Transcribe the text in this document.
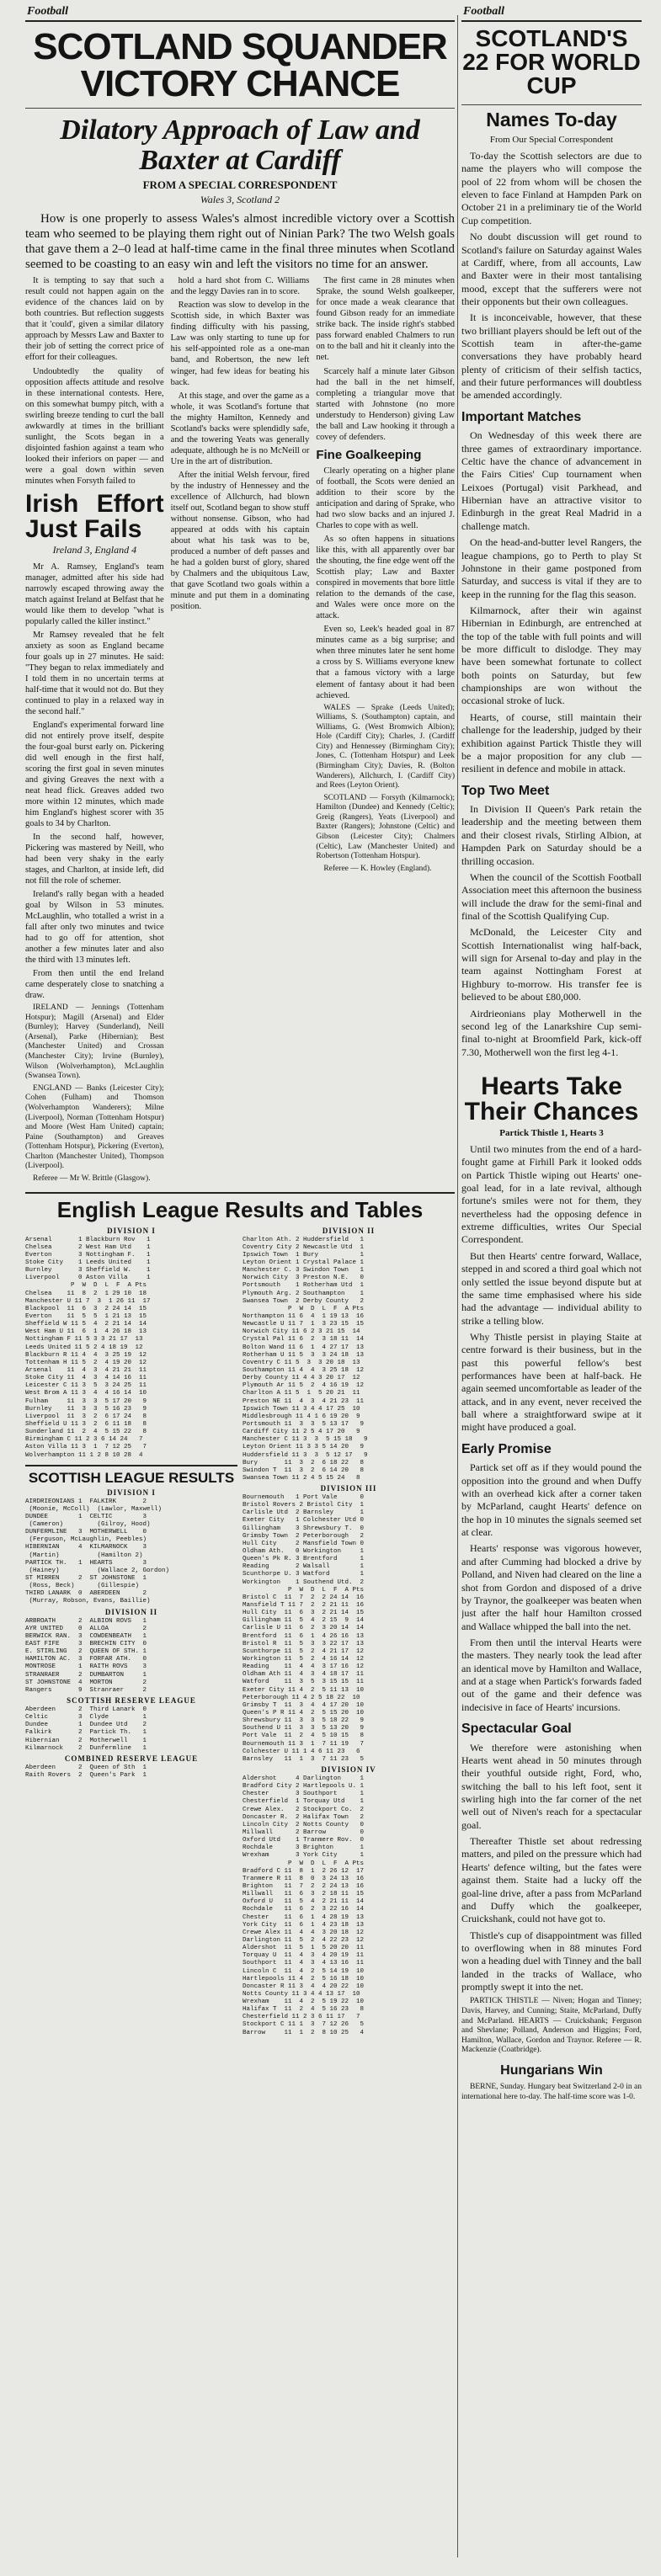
Football
SCOTLAND SQUANDER VICTORY CHANCE
Dilatory Approach of Law and Baxter at Cardiff
FROM A SPECIAL CORRESPONDENT
Wales 3, Scotland 2

How is one properly to assess Wales's almost incredible victory over a Scottish team who seemed to be playing them right out of Ninian Park? The two Welsh goals that gave them a 2–0 lead at half-time came in the final three minutes when Scotland seemed to be coasting to an easy win and left the visitors no time for an answer.

It is tempting to say that such a result could not happen again on the evidence of the chances laid on by both countries. But reflection suggests that it 'could', given a similar dilatory approach by Messrs Law and Baxter to their job of setting the correct price of effort for their colleagues.

Undoubtedly the quality of opposition affects attitude and resolve in these international contests. Here, on this somewhat bumpy pitch, with a swirling breeze tending to curl the ball awkwardly at times in the brilliant sunlight, the Scots began in a disjointed fashion against a team who looked their inferiors on paper — and were a goal down within seven minutes when Forsyth failed to

Irish Effort Just Fails
Ireland 3, England 4

Mr A. Ramsey, England's team manager, admitted after his side had narrowly escaped throwing away the match against Ireland at Belfast that he would like them to develop "what is popularly called the killer instinct."

Mr Ramsey revealed that he felt anxiety as soon as England became four goals up in 27 minutes. He said: "They began to relax immediately and I told them in no uncertain terms at half-time that it would not do. But they continued to play in a relaxed way in the second half."

England's experimental forward line did not entirely prove itself, despite the four-goal burst early on. Pickering did well enough in the first half, scoring the first goal in seven minutes and giving Greaves the next with a neat head flick. Greaves added two more within 12 minutes, which made him England's highest scorer with 35 goals to 34 by Charlton.

In the second half, however, Pickering was mastered by Neill, who had been very shaky in the early stages, and Charlton, at inside left, did not fill the role of schemer.

Ireland's rally began with a headed goal by Wilson in 53 minutes. McLaughlin, who totalled a wrist in a fall after only two minutes and twice had to go off for attention, shot another a few minutes later and also the third with 13 minutes left.

From then until the end Ireland came desperately close to snatching a draw.

IRELAND — Jennings (Tottenham Hotspur); Magill (Arsenal) and Elder (Burnley); Harvey (Sunderland), Neill (Arsenal), Parke (Hibernian); Best (Manchester United) and Crossan (Manchester City); Irvine (Burnley), Wilson (Wolverhampton), McLaughlin (Swansea Town).

ENGLAND — Banks (Leicester City); Cohen (Fulham) and Thomson (Wolverhampton Wanderers); Milne (Liverpool), Norman (Tottenham Hotspur) and Moore (West Ham United) captain; Paine (Southampton) and Greaves (Tottenham Hotspur), Pickering (Everton), Charlton (Manchester United), Thompson (Liverpool).

Referee — Mr W. Brittle (Glasgow).

hold a hard shot from C. Williams and the leggy Davies ran in to score.

Reaction was slow to develop in the Scottish side, in which Baxter was finding difficulty with his passing, Law was only starting to tune up for his self-appointed role as a one-man band, and Robertson, the new left winger, had few ideas for beating his back.

At this stage, and over the game as a whole, it was Scotland's fortune that the mighty Hamilton, Kennedy and Scotland's backs were splendidly safe, and the towering Yeats was generally adequate, although he is no McNeill or Ure in the art of distribution.

After the initial Welsh fervour, fired by the industry of Hennessey and the excellence of Allchurch, had blown itself out, Scotland began to show stuff without nonsense. Gibson, who had appeared at odds with his captain about what his task was to be, produced a number of deft passes and he had a golden burst of glory, shared by Chalmers and the ubiquitous Law, that gave Scotland two goals within a minute and put them in a dominating position.

The first came in 28 minutes when Sprake, the sound Welsh goalkeeper, for once made a weak clearance that found Gibson ready for an immediate strike back. The inside right's stabbed pass forward enabled Chalmers to run on to the ball and hit it cleanly into the net.

Scarcely half a minute later Gibson had the ball in the net himself, completing a triangular move that started with Johnstone (no more understudy to Henderson) giving Law the ball and Law hooking it through a covey of defenders.

Fine Goalkeeping

Clearly operating on a higher plane of football, the Scots were denied an addition to their score by the anticipation and daring of Sprake, who had two slow backs and an injured J. Charles to cope with as well.

As so often happens in situations like this, with all apparently over bar the shouting, the fine edge went off the Scottish play; Law and Baxter conspired in movements that bore little relation to the demands of the case, and Wales were once more on the attack.

Even so, Leek's headed goal in 87 minutes came as a big surprise; and when three minutes later he sent home a cross by S. Williams everyone knew that a famous victory with a large element of fantasy about it had been achieved.

WALES — Sprake (Leeds United); Williams, S. (Southampton) captain, and Williams, G. (West Bromwich Albion); Hole (Cardiff City); Charles, J. (Cardiff City) and Hennessey (Birmingham City); Jones, C. (Tottenham Hotspur) and Leek (Birmingham City); Davies, R. (Bolton Wanderers), Allchurch, I. (Cardiff City) and Rees (Leyton Orient).

SCOTLAND — Forsyth (Kilmarnock); Hamilton (Dundee) and Kennedy (Celtic); Greig (Rangers), Yeats (Liverpool) and Baxter (Rangers); Johnstone (Celtic) and Gibson (Leicester City); Chalmers (Celtic), Law (Manchester United) and Robertson (Tottenham Hotspur).

Referee — K. Howley (England).

English League Results and Tables
DIVISION I
Arsenal       1 Blackburn Rov   1
Chelsea       2 West Ham Utd    1
Everton       3 Nottingham F.   1
Stoke City    1 Leeds United    1
Burnley       3 Sheffield W.    1
Liverpool     0 Aston Villa     1
P  W  D  L  F  A Pts
Chelsea    11  8  2  1 29 10  18
Manchester U 11 7  3  1 26 11  17
Blackpool  11  6  3  2 24 14  15
Everton    11  5  5  1 21 13  15
Sheffield W 11 5  4  2 21 14  14
West Ham U 11  6  1  4 26 18  13
Nottingham F 11 5 3 3 21 17  13
Leeds United 11 5 2 4 18 19  12
Blackburn R 11 4  4  3 25 19  12
Tottenham H 11 5  2  4 19 20  12
Arsenal    11  4  3  4 21 21  11
Stoke City 11  4  3  4 14 16  11
Leicester C 11 3  5  3 24 25  11
West Brom A 11 3  4  4 16 14  10
Fulham     11  3  3  5 17 20   9
Burnley    11  3  3  5 16 23   9
Liverpool  11  3  2  6 17 24   8
Sheffield U 11 3  2  6 11 18   8
Sunderland 11  2  4  5 15 22   8
Birmingham C 11 2 3 6 14 24   7
Aston Villa 11 3  1  7 12 25   7
Wolverhampton 11 1 2 8 10 28  4
SCOTTISH LEAGUE RESULTS
DIVISION I
AIRDRIEONIANS 1  FALKIRK       2
(Moonie, McColl)  (Lawlor, Maxwell)
DUNDEE        1  CELTIC        3
(Cameron)         (Gilroy, Hood)
DUNFERMLINE   3  MOTHERWELL    0
(Ferguson, McLaughlin, Peebles)
HIBERNIAN     4  KILMARNOCK    3
(Martin)          (Hamilton 2)
PARTICK TH.   1  HEARTS        3
(Hainey)          (Wallace 2, Gordon)
ST MIRREN     2  ST JOHNSTONE  1
(Ross, Beck)      (Gillespie)
THIRD LANARK  0  ABERDEEN      2
(Murray, Robson, Evans, Baillie)
DIVISION II
ARBROATH      2  ALBION ROVS   1
AYR UNITED    0  ALLOA         2
BERWICK RAN.  3  COWDENBEATH   1
EAST FIFE     3  BRECHIN CITY  0
E. STIRLING   2  QUEEN OF STH. 1
HAMILTON AC.  3  FORFAR ATH.   0
MONTROSE      1  RAITH ROVS    3
STRANRAER     2  DUMBARTON     1
ST JOHNSTONE  4  MORTON        2
Rangers       9  Stranraer     2
SCOTTISH RESERVE LEAGUE
Aberdeen      2  Third Lanark  0
Celtic        3  Clyde         1
Dundee        1  Dundee Utd    2
Falkirk       2  Partick Th.   1
Hibernian     2  Motherwell    1
Kilmarnock    2  Dunfermline   1
COMBINED RESERVE LEAGUE
Aberdeen      2  Queen of Sth  1
Raith Rovers  2  Queen's Park  1
DIVISION II
Charlton Ath. 2 Huddersfield   1
Coventry City 2 Newcastle Utd  1
Ipswich Town  1 Bury           1
Leyton Orient 1 Crystal Palace 1
Manchester C. 3 Swindon Town   1
Norwich City  3 Preston N.E.   0
Portsmouth    1 Rotherham Utd  1
Plymouth Arg. 2 Southampton    1
Swansea Town  2 Derby County   2
P  W  D  L  F  A Pts
Northampton 11 6  4  1 19 13  16
Newcastle U 11 7  1  3 23 15  15
Norwich City 11 6 2 3 21 15  14
Crystal Pal 11 6  2  3 18 11  14
Bolton Wand 11 6  1  4 27 17  13
Rotherham U 11 5  3  3 24 18  13
Coventry C 11 5  3  3 20 18  13
Southampton 11 4  4  3 25 18  12
Derby County 11 4 4 3 20 17  12
Plymouth Ar 11 5  2  4 16 19  12
Charlton A 11 5  1  5 20 21  11
Preston NE 11  4  3  4 21 23  11
Ipswich Town 11 3 4 4 17 25  10
Middlesbrough 11 4 1 6 19 20  9
Portsmouth 11  3  3  5 13 17   9
Cardiff City 11 2 5 4 17 20   9
Manchester C 11 3  3  5 15 18   9
Leyton Orient 11 3 3 5 14 20   9
Huddersfield 11 3  3  5 12 17   9
Bury       11  3  2  6 18 22   8
Swindon T  11  3  2  6 14 20   8
Swansea Town 11 2 4 5 15 24   8
DIVISION III
Bournemouth   1 Port Vale      0
Bristol Rovers 2 Bristol City  1
Carlisle Utd  2 Barnsley       1
Exeter City   1 Colchester Utd 0
Gillingham    3 Shrewsbury T.  0
Grimsby Town  2 Peterborough   2
Hull City     2 Mansfield Town 0
Oldham Ath.   0 Workington     1
Queen's Pk R. 3 Brentford      1
Reading       2 Walsall        1
Scunthorpe U. 3 Watford        1
Workington    1 Southend Utd.  2
P  W  D  L  F  A Pts
Bristol C  11  7  2  2 24 14  16
Mansfield T 11 7  2  2 21 11  16
Hull City  11  6  3  2 21 14  15
Gillingham 11  5  4  2 15  9  14
Carlisle U 11  6  2  3 20 14  14
Brentford  11  6  1  4 26 16  13
Bristol R  11  5  3  3 22 17  13
Scunthorpe 11  5  2  4 21 17  12
Workington 11  5  2  4 16 14  12
Reading    11  4  4  3 17 16  12
Oldham Ath 11  4  3  4 18 17  11
Watford    11  3  5  3 15 15  11
Exeter City 11 4  2  5 11 13  10
Peterborough 11 4 2 5 18 22  10
Grimsby T  11  3  4  4 17 20  10
Queen's P R 11 4  2  5 15 20  10
Shrewsbury 11  3  3  5 18 22   9
Southend U 11  3  3  5 13 20   9
Port Vale  11  2  4  5 10 15   8
Bournemouth 11 3  1  7 11 19   7
Colchester U 11 1 4 6 11 23   6
Barnsley   11  1  3  7 11 23   5
DIVISION IV
Aldershot     4 Darlington     1
Bradford City 2 Hartlepools U. 1
Chester       3 Southport      1
Chesterfield  1 Torquay Utd    1
Crewe Alex.   2 Stockport Co.  2
Doncaster R.  2 Halifax Town   2
Lincoln City  2 Notts County   0
Millwall      2 Barrow         0
Oxford Utd    1 Tranmere Rov.  0
Rochdale      3 Brighton       1
Wrexham       3 York City      1
P  W  D  L  F  A Pts
Bradford C 11  8  1  2 26 12  17
Tranmere R 11  8  0  3 24 13  16
Brighton   11  7  2  2 24 13  16
Millwall   11  6  3  2 18 11  15
Oxford U   11  5  4  2 21 11  14
Rochdale   11  6  2  3 22 16  14
Chester    11  6  1  4 28 19  13
York City  11  6  1  4 23 18  13
Crewe Alex 11  4  4  3 20 18  12
Darlington 11  5  2  4 22 23  12
Aldershot  11  5  1  5 20 20  11
Torquay U  11  4  3  4 20 19  11
Southport  11  4  3  4 13 16  11
Lincoln C  11  4  2  5 14 19  10
Hartlepools 11 4  2  5 16 18  10
Doncaster R 11 3  4  4 20 22  10
Notts County 11 3 4 4 13 17  10
Wrexham    11  4  2  5 19 22  10
Halifax T  11  2  4  5 16 23   8
Chesterfield 11 2 3 6 11 17   7
Stockport C 11 1  3  7 12 26   5
Barrow     11  1  2  8 10 25   4
Football
SCOTLAND'S 22 FOR WORLD CUP
Names To-day
From Our Special Correspondent

To-day the Scottish selectors are due to name the players who will compose the pool of 22 from whom will be chosen the eleven to face Finland at Hampden Park on October 21 in a preliminary tie of the World Cup competition.

No doubt discussion will get round to Scotland's failure on Saturday against Wales at Cardiff, where, from all accounts, Law and Baxter were in their most tantalising mood, except that the sufferers were not their opponents but their own colleagues.

It is inconceivable, however, that these two brilliant players should be left out of the Scottish team in after-the-game conversations they have probably heard plenty of criticism of their selfish tactics, and their future performances will doubtless be amended accordingly.

Important Matches

On Wednesday of this week there are three games of extraordinary importance. Celtic have the chance of advancement in the Fairs Cities' Cup tournament when Leixoes (Portugal) visit Parkhead, and Hibernian have an attractive visitor to Edinburgh in the great Real Madrid in a challenge match.

On the head-and-butter level Rangers, the league champions, go to Perth to play St Johnstone in their game postponed from Saturday, and success is vital if they are to keep in the running for the flag this season.

Kilmarnock, after their win against Hibernian in Edinburgh, are entrenched at the top of the table with full points and will be more difficult to dislodge. They may have been somewhat fortunate to collect both points on Saturday, but few championships are won without the occasional stroke of luck.

Hearts, of course, still maintain their challenge for the leadership, judged by their exhibition against Partick Thistle they will be a major proposition for any club — resilient in defence and mobile in attack.

Top Two Meet

In Division II Queen's Park retain the leadership and the meeting between them and their closest rivals, Stirling Albion, at Hampden Park on Saturday should be a thrilling occasion.

When the council of the Scottish Football Association meet this afternoon the business will include the draw for the semi-final and final of the Scottish Qualifying Cup.

McDonald, the Leicester City and Scottish Internationalist wing half-back, will sign for Arsenal to-day and play in the team against Nottingham Forest at Highbury to-morrow. His transfer fee is believed to be about £80,000.

Airdrieonians play Motherwell in the second leg of the Lanarkshire Cup semi-final to-night at Broomfield Park, kick-off 7.30, Motherwell won the first leg 4-1.

Hearts Take Their Chances
Partick Thistle 1, Hearts 3

Until two minutes from the end of a hard-fought game at Firhill Park it looked odds on Partick Thistle wiping out Hearts' one-goal lead, for in a late revival, although fortune's smiles were not for them, they nevertheless had the opposing defence in extreme difficulties, writes Our Special Correspondent.

But then Hearts' centre forward, Wallace, stepped in and scored a third goal which not only settled the issue beyond dispute but at the same time emphasised where his side had the advantage — individual ability to strike a telling blow.

Why Thistle persist in playing Staite at centre forward is their business, but in the past this powerful fellow's best performances have been at half-back. He again seemed uncomfortable as leader of the attack, and in any event, never received the ball where a straightforward swipe at it might have produced a goal.

Early Promise

Partick set off as if they would pound the opposition into the ground and when Duffy with an overhead kick after a corner taken by McParland, caught Hearts' defence on the hop in 10 minutes the signals seemed set at clear.

Hearts' response was vigorous however, and after Cumming had blocked a drive by Polland, and Niven had cleared on the line a shot from Gordon and disposed of a drive by Traynor, the goalkeeper was beaten when just after the half hour Hamilton crossed and Wallace whipped the ball into the net.

From then until the interval Hearts were the masters. They nearly took the lead after an identical move by Hamilton and Wallace, and at a stage when Partick's forwards faded out of the game and their defence was indecisive in face of Hearts' incursions.

Spectacular Goal

We therefore were astonishing when Hearts went ahead in 50 minutes through their youthful outside right, Ford, who, switching the ball to his left foot, sent it swirling high into the far corner of the net well out of Niven's reach for a spectacular goal.

Thereafter Thistle set about redressing matters, and piled on the pressure which had Hearts' defence wilting, but the fates were against them. Staite had a lucky off the goal-line drive, after a pass from McParland and Duffy which the goalkeeper, Cruickshank, could not have got to.

Thistle's cup of disappointment was filled to overflowing when in 88 minutes Ford won a heading duel with Tinney and the ball landed in the tracks of Wallace, who promptly swept it into the net.

PARTICK THISTLE — Niven; Hogan and Tinney; Davis, Harvey, and Cunning; Staite, McParland, Duffy and McParland. HEARTS — Cruickshank; Ferguson and Shevlane; Polland, Anderson and Higgins; Ford, Hamilton, Wallace, Gordon and Traynor. Referee — R. Mackenzie (Coatbridge).

Hungarians Win

BERNE, Sunday. Hungary beat Switzerland 2-0 in an international here to-day. The half-time score was 1-0.
